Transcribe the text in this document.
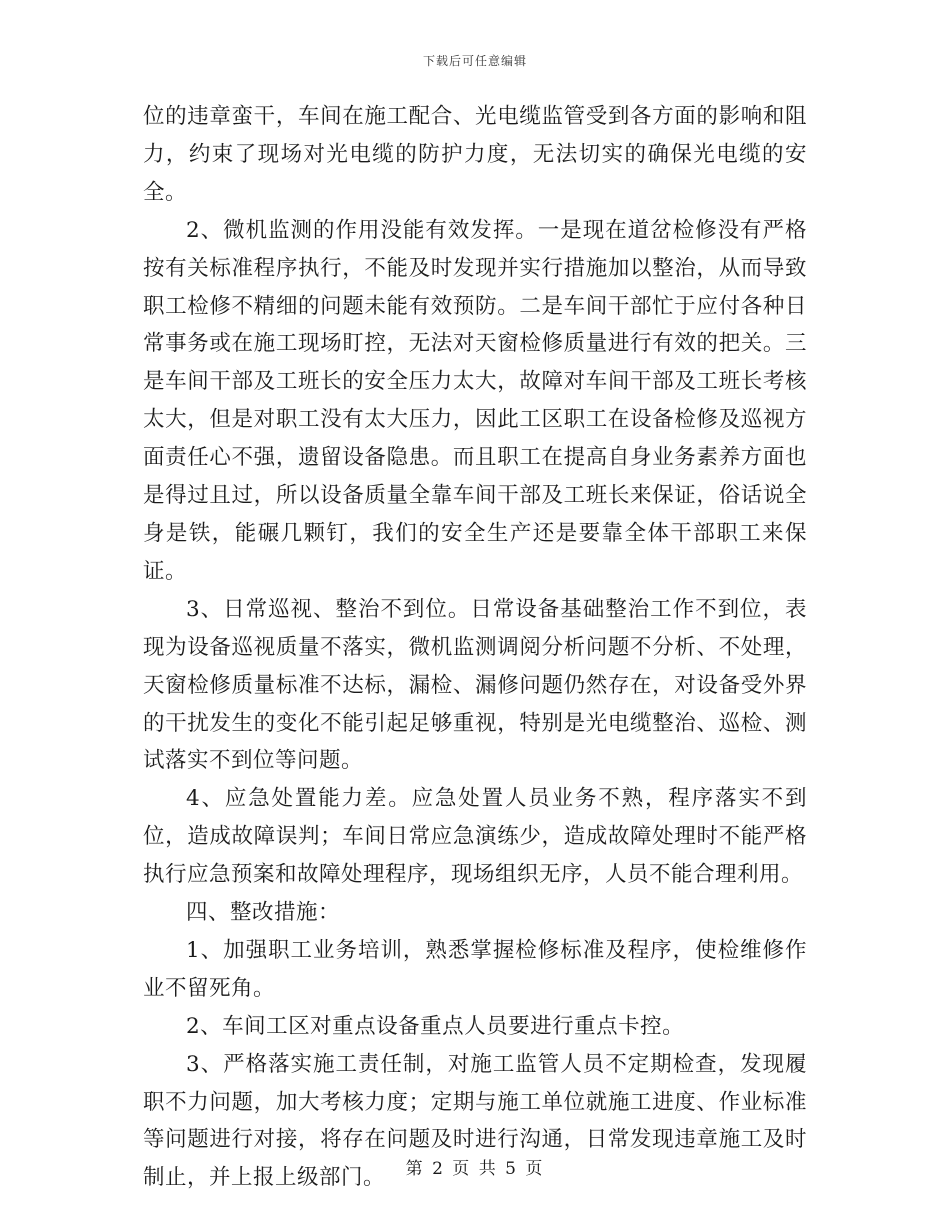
下载后可任意编辑

位的违章蛮干，车间在施工配合、光电缆监管受到各方面的影响和阻力，约束了现场对光电缆的防护力度，无法切实的确保光电缆的安全。

2、微机监测的作用没能有效发挥。一是现在道岔检修没有严格按有关标准程序执行，不能及时发现并实行措施加以整治，从而导致职工检修不精细的问题未能有效预防。二是车间干部忙于应付各种日常事务或在施工现场盯控，无法对天窗检修质量进行有效的把关。三是车间干部及工班长的安全压力太大，故障对车间干部及工班长考核太大，但是对职工没有太大压力，因此工区职工在设备检修及巡视方面责任心不强，遗留设备隐患。而且职工在提高自身业务素养方面也是得过且过，所以设备质量全靠车间干部及工班长来保证，俗话说全身是铁，能碾几颗钉，我们的安全生产还是要靠全体干部职工来保证。

3、日常巡视、整治不到位。日常设备基础整治工作不到位，表现为设备巡视质量不落实，微机监测调阅分析问题不分析、不处理，天窗检修质量标准不达标，漏检、漏修问题仍然存在，对设备受外界的干扰发生的变化不能引起足够重视，特别是光电缆整治、巡检、测试落实不到位等问题。

4、应急处置能力差。应急处置人员业务不熟，程序落实不到位，造成故障误判；车间日常应急演练少，造成故障处理时不能严格执行应急预案和故障处理程序，现场组织无序，人员不能合理利用。

四、整改措施：

1、加强职工业务培训，熟悉掌握检修标准及程序，使检维修作业不留死角。

2、车间工区对重点设备重点人员要进行重点卡控。

3、严格落实施工责任制，对施工监管人员不定期检查，发现履职不力问题，加大考核力度；定期与施工单位就施工进度、作业标准等问题进行对接，将存在问题及时进行沟通，日常发现违章施工及时制止，并上报上级部门。	第 2 页 共 5 页
